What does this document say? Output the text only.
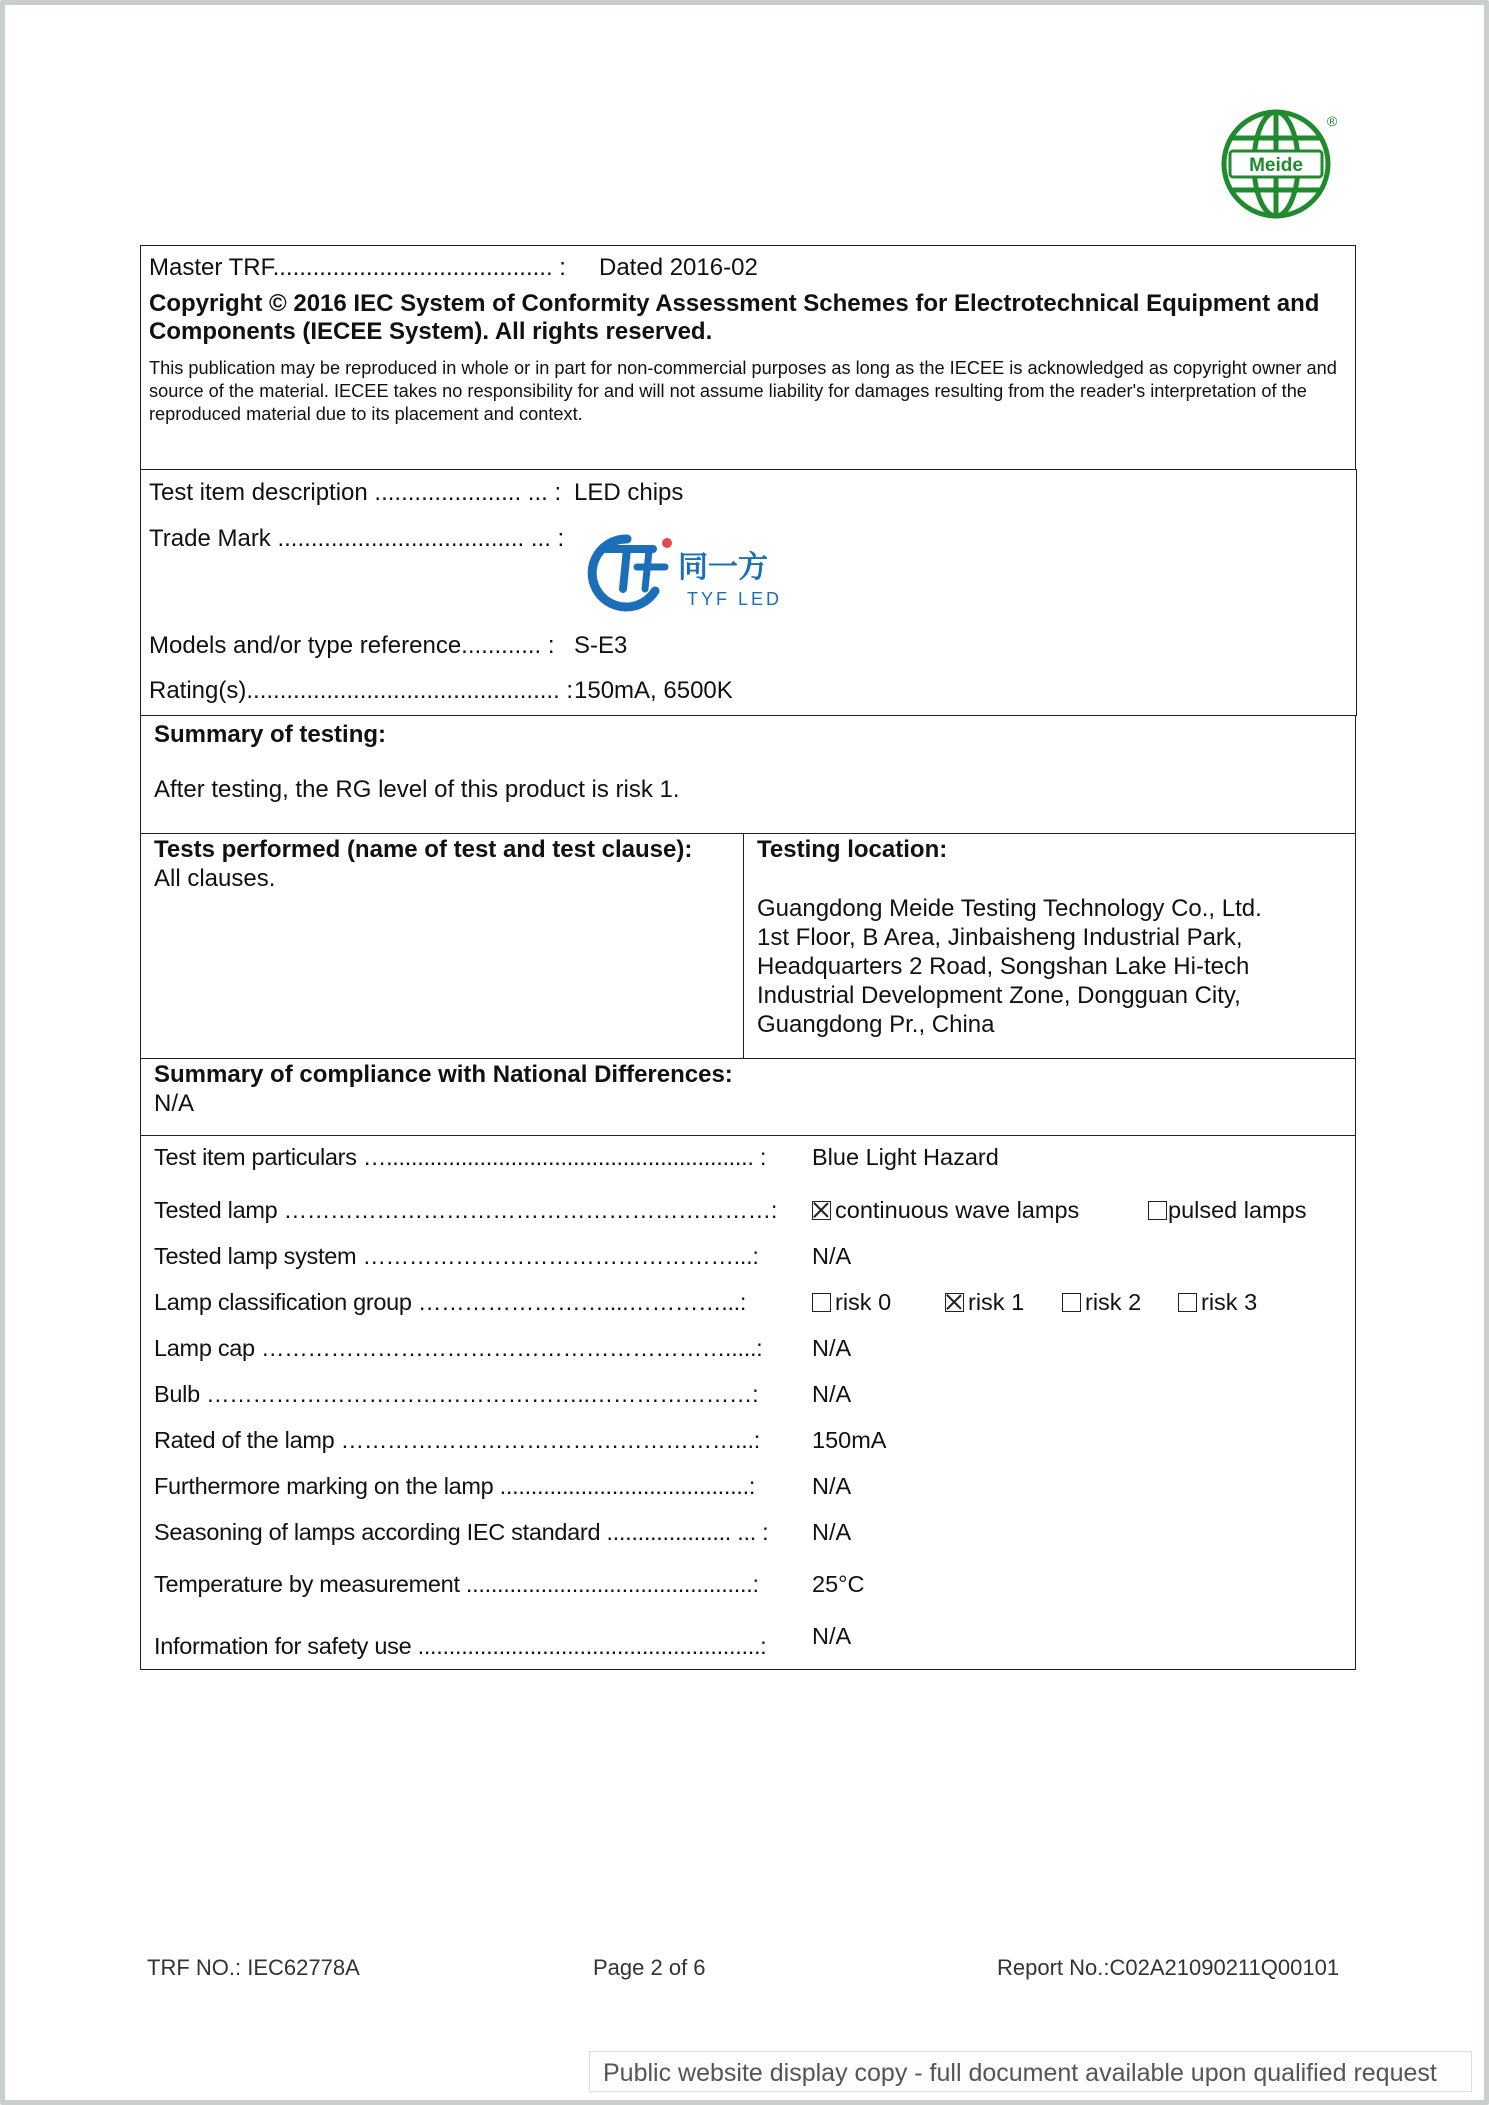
Meide
®
Master TRF.......................................... : Dated 2016-02
Copyright © 2016 IEC System of Conformity Assessment Schemes for Electrotechnical Equipment and Components (IECEE System). All rights reserved.
This publication may be reproduced in whole or in part for non-commercial purposes as long as the IECEE is acknowledged as copyright owner and source of the material. IECEE takes no responsibility for and will not assume liability for damages resulting from the reader's interpretation of the reproduced material due to its placement and context.
Test item description ...................... ... : LED chips
Trade Mark ..................................... ... :
同一方
TYF LED
Models and/or type reference............ : S-E3
Rating(s)............................................... : 150mA, 6500K
Summary of testing:
After testing, the RG level of this product is risk 1.
Tests performed (name of test and test clause):
All clauses.
Testing location:
Guangdong Meide Testing Technology Co., Ltd.
1st Floor, B Area, Jinbaisheng Industrial Park,
Headquarters 2 Road, Songshan Lake Hi-tech
Industrial Development Zone, Dongguan City,
Guangdong Pr., China
Summary of compliance with National Differences:
N/A
Test item particulars …........................................................... : Blue Light Hazard
Tested lamp ………………………………………………………:	continuous wave lamps	pulsed lamps
Tested lamp system …………………………………………...: N/A
Lamp classification group ……………………....…………...:	risk 0	risk 1	risk 2	risk 3
Lamp cap …………………………………………………….....: N/A
Bulb …………………………………………..…………………: N/A
Rated of the lamp ……………………………………………...: 150mA
Furthermore marking on the lamp ........................................: N/A
Seasoning of lamps according IEC standard .................... ... : N/A
Temperature by measurement ..............................................: 25°C
Information for safety use .......................................................: N/A
TRF NO.: IEC62778A	Page 2 of 6	Report No.:C02A21090211Q00101
Public website display copy - full document available upon qualified request
